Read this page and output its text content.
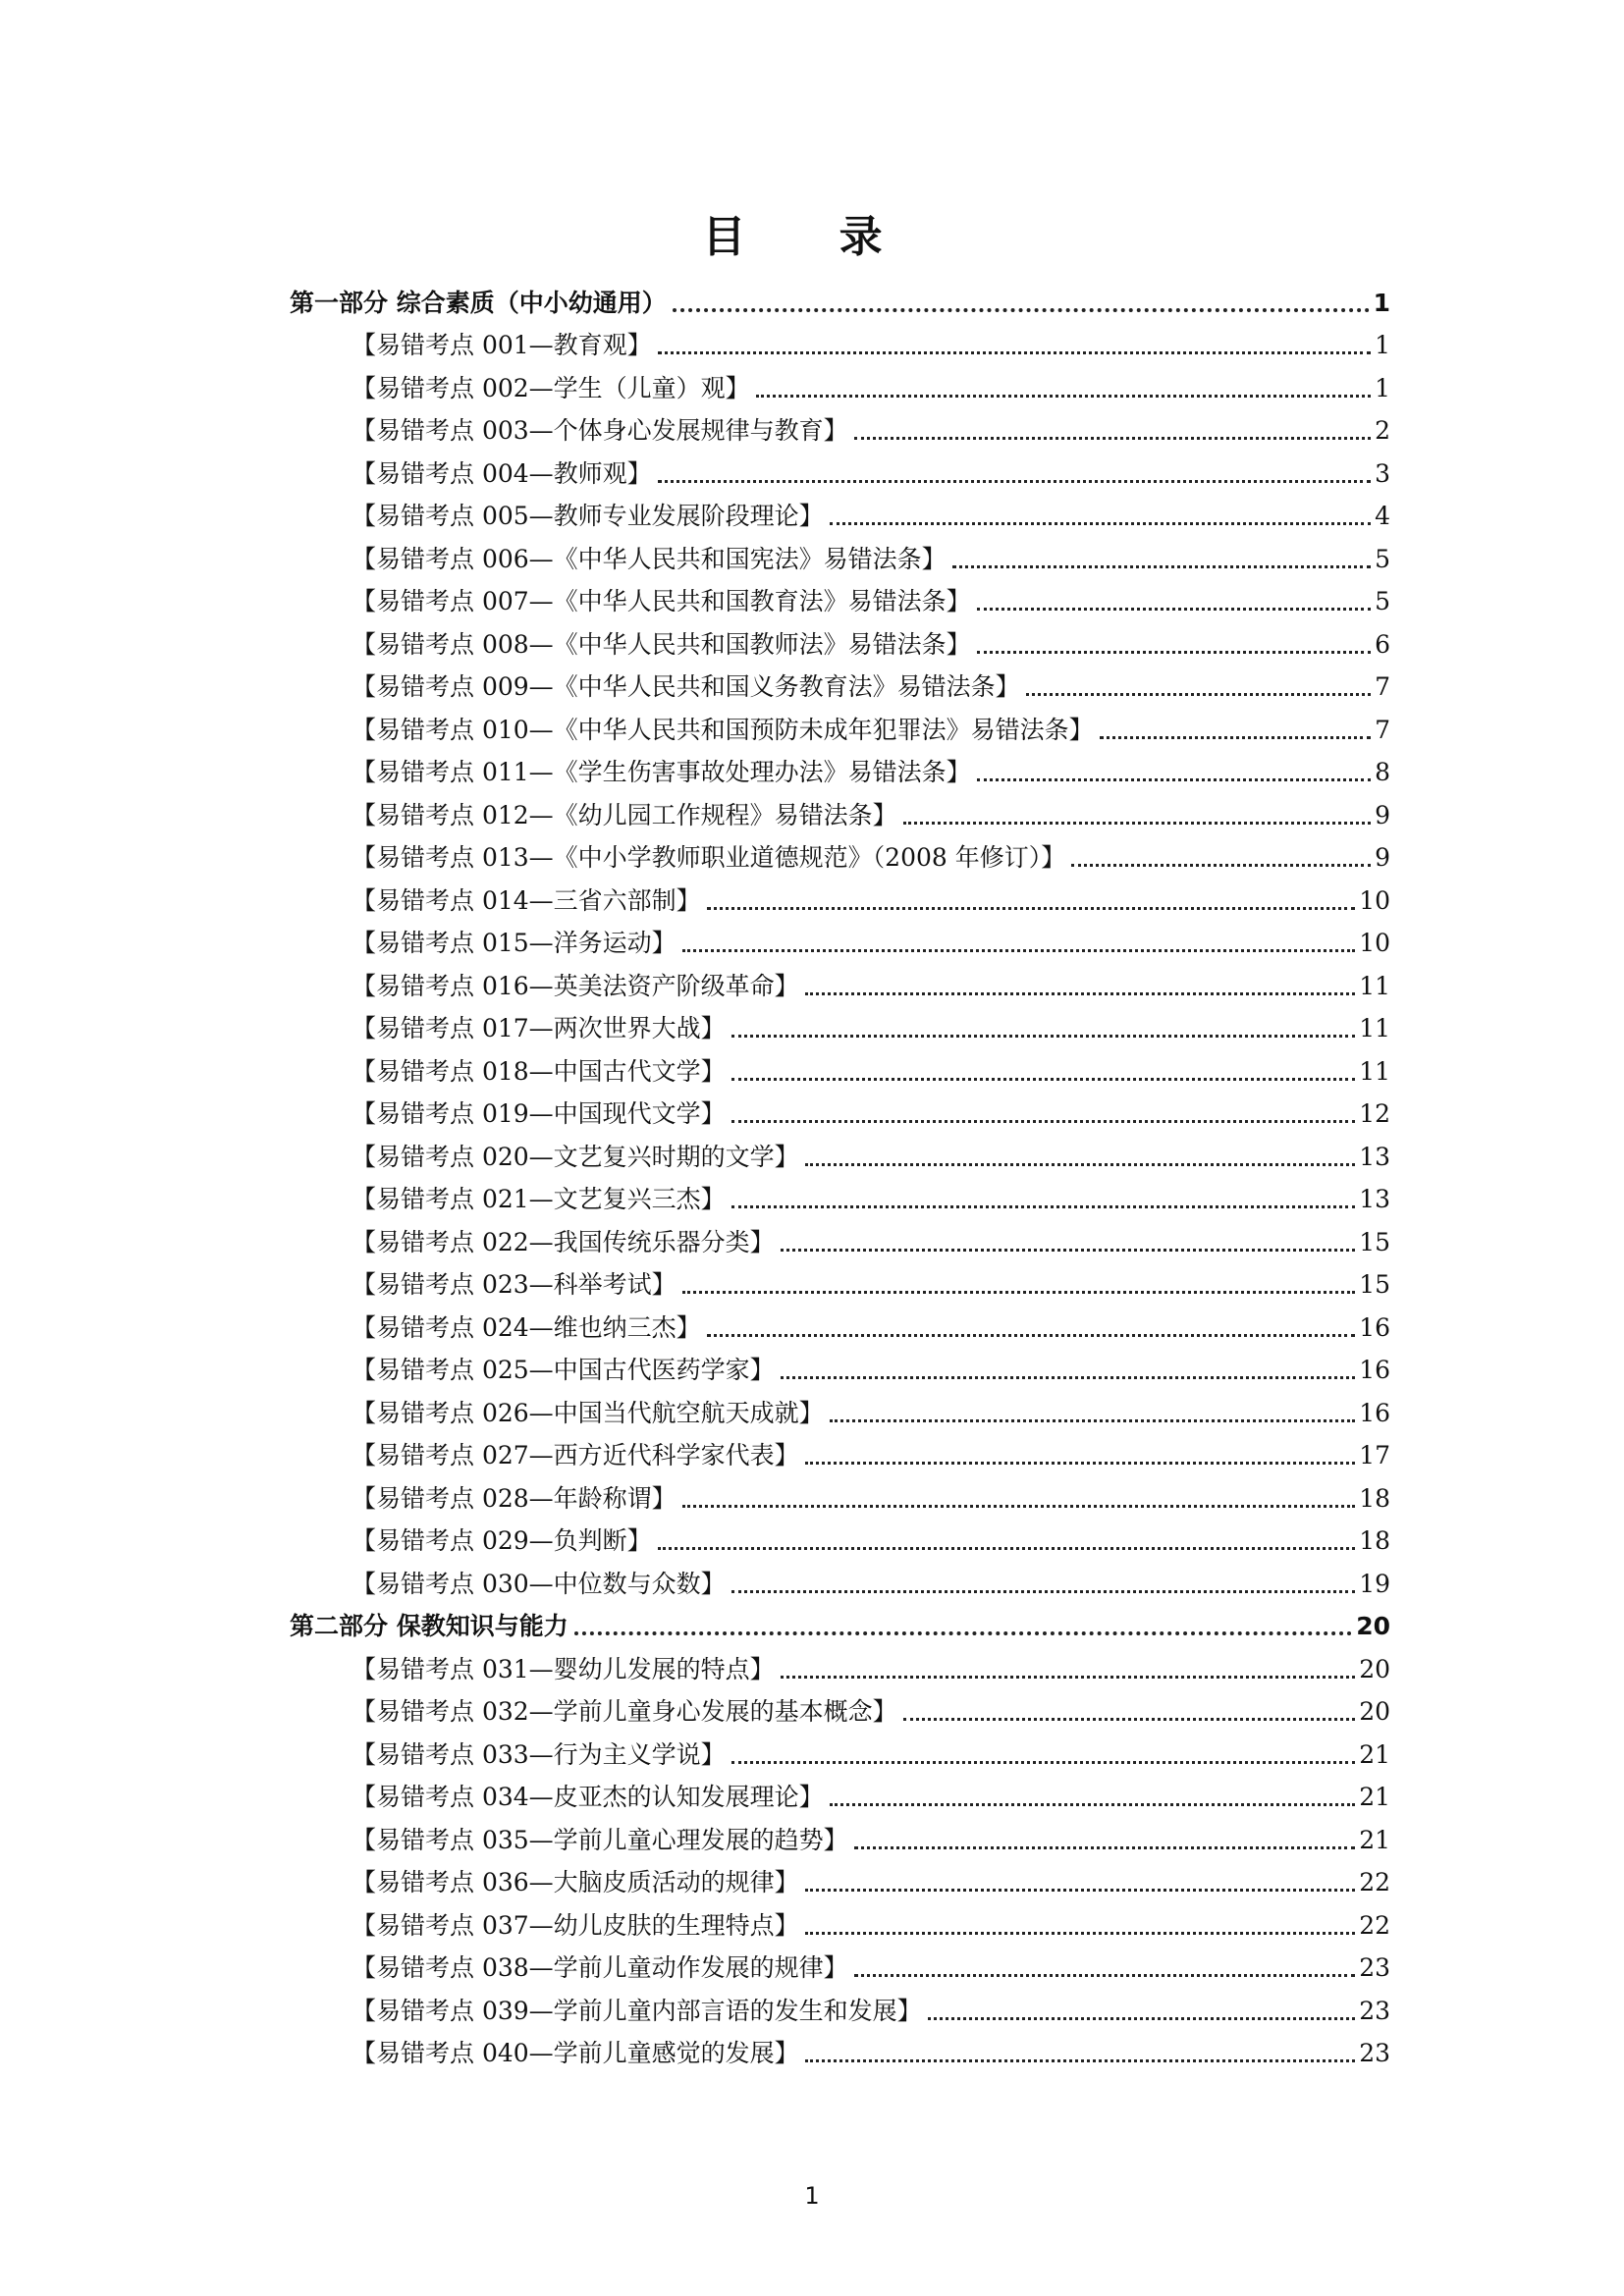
目 录
第一部分 综合素质（中小幼通用）	1
【易错考点 001—教育观】	1
【易错考点 002—学生（儿童）观】	1
【易错考点 003—个体身心发展规律与教育】	2
【易错考点 004—教师观】	3
【易错考点 005—教师专业发展阶段理论】	4
【易错考点 006—《中华人民共和国宪法》易错法条】	5
【易错考点 007—《中华人民共和国教育法》易错法条】	5
【易错考点 008—《中华人民共和国教师法》易错法条】	6
【易错考点 009—《中华人民共和国义务教育法》易错法条】	7
【易错考点 010—《中华人民共和国预防未成年犯罪法》易错法条】	7
【易错考点 011—《学生伤害事故处理办法》易错法条】	8
【易错考点 012—《幼儿园工作规程》易错法条】	9
【易错考点 013—《中小学教师职业道德规范》（2008 年修订）】	9
【易错考点 014—三省六部制】	10
【易错考点 015—洋务运动】	10
【易错考点 016—英美法资产阶级革命】	11
【易错考点 017—两次世界大战】	11
【易错考点 018—中国古代文学】	11
【易错考点 019—中国现代文学】	12
【易错考点 020—文艺复兴时期的文学】	13
【易错考点 021—文艺复兴三杰】	13
【易错考点 022—我国传统乐器分类】	15
【易错考点 023—科举考试】	15
【易错考点 024—维也纳三杰】	16
【易错考点 025—中国古代医药学家】	16
【易错考点 026—中国当代航空航天成就】	16
【易错考点 027—西方近代科学家代表】	17
【易错考点 028—年龄称谓】	18
【易错考点 029—负判断】	18
【易错考点 030—中位数与众数】	19
第二部分 保教知识与能力	20
【易错考点 031—婴幼儿发展的特点】	20
【易错考点 032—学前儿童身心发展的基本概念】	20
【易错考点 033—行为主义学说】	21
【易错考点 034—皮亚杰的认知发展理论】	21
【易错考点 035—学前儿童心理发展的趋势】	21
【易错考点 036—大脑皮质活动的规律】	22
【易错考点 037—幼儿皮肤的生理特点】	22
【易错考点 038—学前儿童动作发展的规律】	23
【易错考点 039—学前儿童内部言语的发生和发展】	23
【易错考点 040—学前儿童感觉的发展】	23
1
